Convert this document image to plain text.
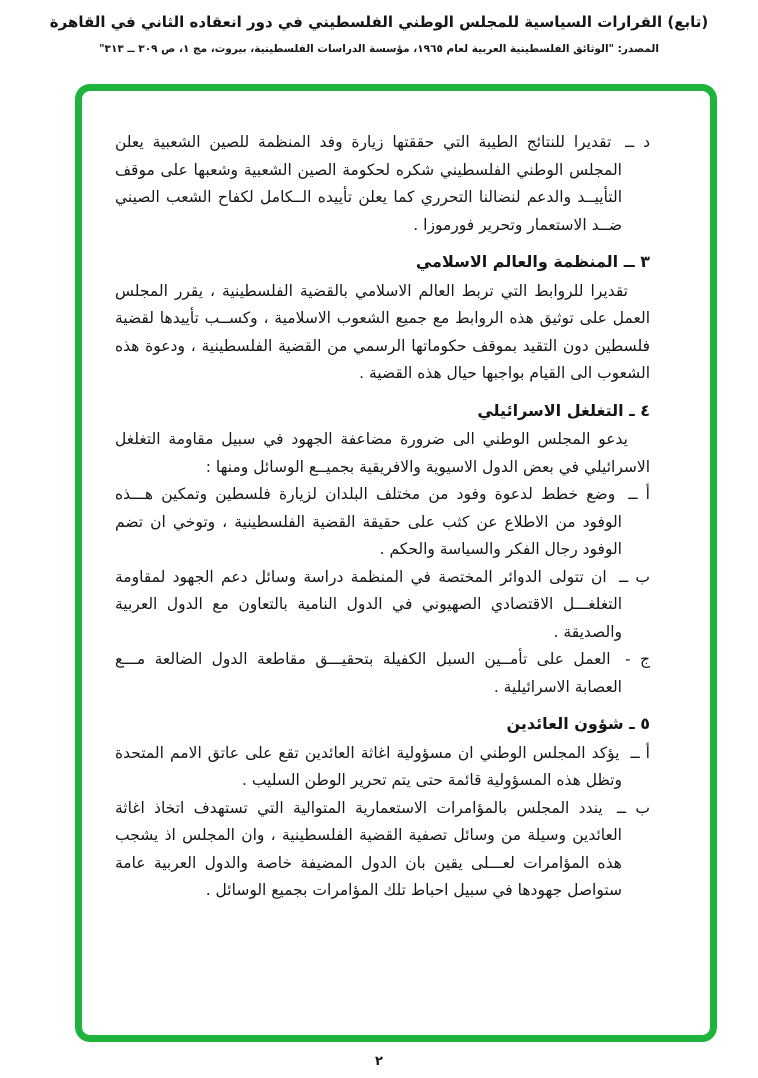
(تابع) القرارات السياسية للمجلس الوطني الفلسطيني في دور انعقاده الثاني في القاهرة
المصدر: "الوثائق الفلسطينية العربية لعام ١٩٦٥، مؤسسة الدراسات الفلسطينية، بيروت، مج ١، ص ٣٠٩ ــ ٣١٣"
د ــ تقديرا للنتائج الطيبة التي حققتها زيارة وفد المنظمة للصين الشعبية يعلن المجلس الوطني الفلسطيني شكره لحكومة الصين الشعبية وشعبها على موقف التأييــد والدعم لنضالنا التحرري كما يعلن تأييده الــكامل لكفاح الشعب الصيني ضــد الاستعمار وتحرير فورموزا .
٣ ــ المنظمة والعالم الاسلامي
تقديرا للروابط التي تربط العالم الاسلامي بالقضية الفلسطينية ، يقرر المجلس العمل على توثيق هذه الروابط مع جميع الشعوب الاسلامية ، وكســب تأييدها لقضية فلسطين دون التقيد بموقف حكوماتها الرسمي من القضية الفلسطينية ، ودعوة هذه الشعوب الى القيام بواجبها حيال هذه القضية .
٤ ـ التغلغل الاسرائيلي
يدعو المجلس الوطني الى ضرورة مضاعفة الجهود في سبيل مقاومة التغلغل الاسرائيلي في بعض الدول الاسيوية والافريقية بجميــع الوسائل ومنها :
أ ــ وضع خطط لدعوة وفود من مختلف البلدان لزيارة فلسطين وتمكين هـــذه الوفود من الاطلاع عن كثب على حقيقة القضية الفلسطينية ، وتوخي ان تضم الوفود رجال الفكر والسياسة والحكم .
ب ــ ان تتولى الدوائر المختصة في المنظمة دراسة وسائل دعم الجهود لمقاومة التغلغـــل الاقتصادي الصهيوني في الدول النامية بالتعاون مع الدول العربية والصديقة .
ج - العمل على تأمــين السبل الكفيلة بتحقيـــق مقاطعة الدول الضالعة مـــع العصابة الاسرائيلية .
٥ ـ شؤون العائدين
أ ــ يؤكد المجلس الوطني ان مسؤولية اغاثة العائدين تقع على عاتق الامم المتحدة وتظل هذه المسؤولية قائمة حتى يتم تحرير الوطن السليب .
ب ــ يندد المجلس بالمؤامرات الاستعمارية المتوالية التي تستهدف اتخاذ اغاثة العائدين وسيلة من وسائل تصفية القضية الفلسطينية ، وان المجلس اذ يشجب هذه المؤامرات لعـــلى يقين بان الدول المضيفة خاصة والدول العربية عامة ستواصل جهودها في سبيل احباط تلك المؤامرات بجميع الوسائل .
٢
